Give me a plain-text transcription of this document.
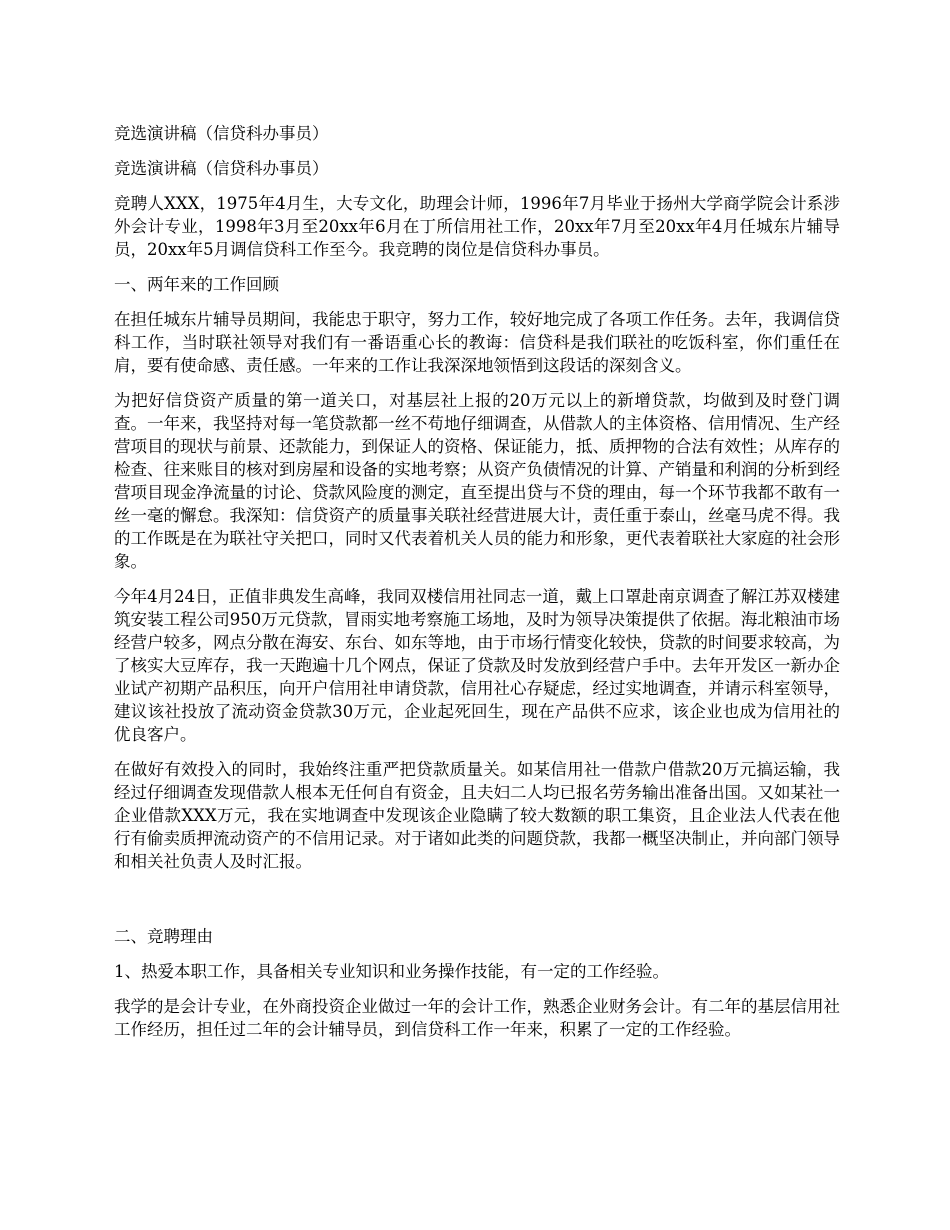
竞选演讲稿（信贷科办事员）

竞选演讲稿（信贷科办事员）

竞聘人XXX，1975年4月生，大专文化，助理会计师，1996年7月毕业于扬州大学商学院会计系涉外会计专业，1998年3月至20xx年6月在丁所信用社工作，20xx年7月至20xx年4月任城东片辅导员，20xx年5月调信贷科工作至今。我竞聘的岗位是信贷科办事员。

一、两年来的工作回顾

在担任城东片辅导员期间，我能忠于职守，努力工作，较好地完成了各项工作任务。去年，我调信贷科工作，当时联社领导对我们有一番语重心长的教诲：信贷科是我们联社的吃饭科室，你们重任在肩，要有使命感、责任感。一年来的工作让我深深地领悟到这段话的深刻含义。

为把好信贷资产质量的第一道关口，对基层社上报的20万元以上的新增贷款，均做到及时登门调查。一年来，我坚持对每一笔贷款都一丝不苟地仔细调查，从借款人的主体资格、信用情况、生产经营项目的现状与前景、还款能力，到保证人的资格、保证能力，抵、质押物的合法有效性；从库存的检查、往来账目的核对到房屋和设备的实地考察；从资产负债情况的计算、产销量和利润的分析到经营项目现金净流量的讨论、贷款风险度的测定，直至提出贷与不贷的理由，每一个环节我都不敢有一丝一毫的懈怠。我深知：信贷资产的质量事关联社经营进展大计，责任重于泰山，丝毫马虎不得。我的工作既是在为联社守关把口，同时又代表着机关人员的能力和形象，更代表着联社大家庭的社会形象。

今年4月24日，正值非典发生高峰，我同双楼信用社同志一道，戴上口罩赴南京调查了解江苏双楼建筑安装工程公司950万元贷款，冒雨实地考察施工场地，及时为领导决策提供了依据。海北粮油市场经营户较多，网点分散在海安、东台、如东等地，由于市场行情变化较快，贷款的时间要求较高，为了核实大豆库存，我一天跑遍十几个网点，保证了贷款及时发放到经营户手中。去年开发区一新办企业试产初期产品积压，向开户信用社申请贷款，信用社心存疑虑，经过实地调查，并请示科室领导，建议该社投放了流动资金贷款30万元，企业起死回生，现在产品供不应求，该企业也成为信用社的优良客户。

在做好有效投入的同时，我始终注重严把贷款质量关。如某信用社一借款户借款20万元搞运输，我经过仔细调查发现借款人根本无任何自有资金，且夫妇二人均已报名劳务输出准备出国。又如某社一企业借款XXX万元，我在实地调查中发现该企业隐瞒了较大数额的职工集资，且企业法人代表在他行有偷卖质押流动资产的不信用记录。对于诸如此类的问题贷款，我都一概坚决制止，并向部门领导和相关社负责人及时汇报。

二、竞聘理由

1、热爱本职工作，具备相关专业知识和业务操作技能，有一定的工作经验。

我学的是会计专业，在外商投资企业做过一年的会计工作，熟悉企业财务会计。有二年的基层信用社工作经历，担任过二年的会计辅导员，到信贷科工作一年来，积累了一定的工作经验。
